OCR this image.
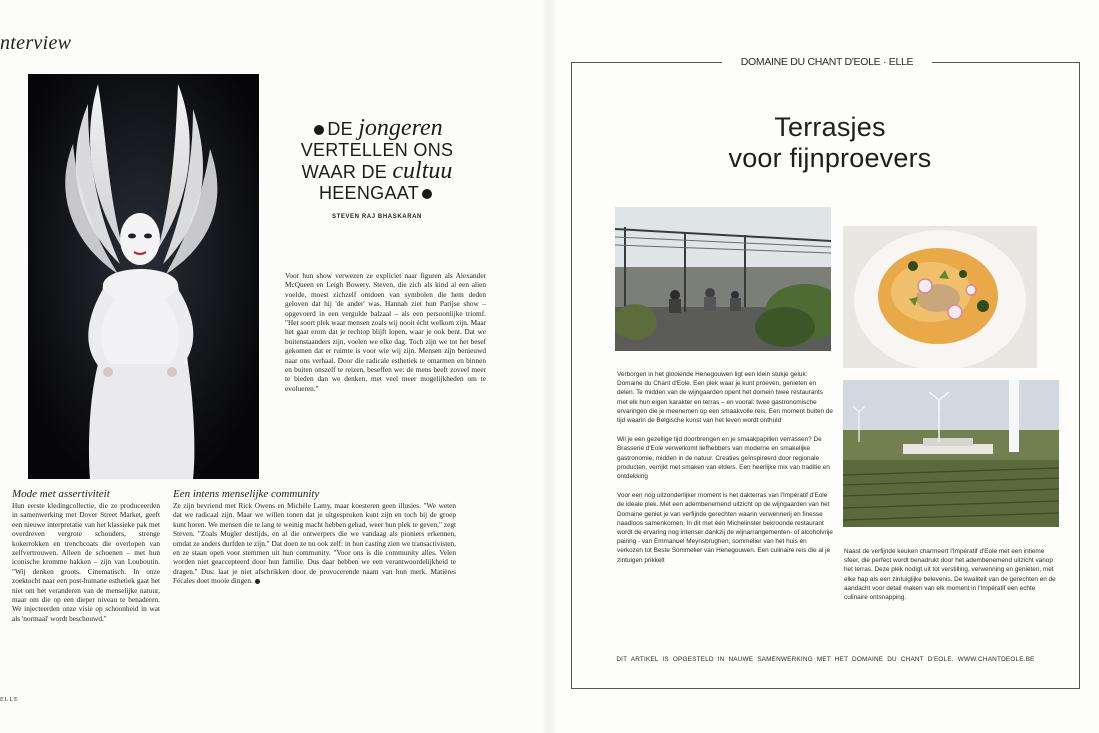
nterview
DE jongeren
VERTELLEN ONS
WAAR DE cultuu
HEENGAAT
STEVEN RAJ BHASKARAN

Voor hun show verwezen ze expliciet naar figuren als Alexander McQueen en Leigh Bowery. Steven, die zich als kind al een alien voelde, moest zichzelf ontdoen van symbolen die hem deden geloven dat hij 'de ander' was. Hannah ziet hun Parijse show – opgevoerd in een vergulde balzaal – als een persoonlijke triomf. "Het soort plek waar mensen zoals wij nooit écht welkom zijn. Maar het gaat erom dat je rechtop blijft lopen, waar je ook bent. Dat we buitenstaanders zijn, voelen we elke dag. Toch zijn we tot het besef gekomen dat er ruimte is voor wie wij zijn. Mensen zijn benieuwd naar ons verhaal. Door die radicale esthetiek te omarmen en binnen en buiten onszelf te reizen, beseffen we: de mens heeft zoveel meer te bieden dan we denken, met veel meer mogelijkheden om te evolueren."

Mode met assertiviteit

Hun eerste kledingcollectie, die ze produceerden in samenwerking met Dover Street Market, geeft een nieuwe interpretatie van het klassieke pak met overdreven vergrote schouders, strenge kokerrokken en trenchcoats die overlopen van zelfvertrouwen. Alleen de schoenen – met hun iconische kromme hakken – zijn van Louboutin. "Wij denken groots. Cinematisch. In onze zoektocht naar een post-humane esthetiek gaat het niet om het veranderen van de menselijke natuur, maar om die op een dieper niveau te benaderen. We injecteerden onze visie op schoonheid in wat als 'normaal' wordt beschouwd."

Een intens menselijke community

Ze zijn bevriend met Rick Owens en Michèle Lamy, maar koesteren geen illusies. "We weten dat we radicaal zijn. Maar we willen tonen dat je uitgesproken kunt zijn en toch bij de groep kunt horen. We mensen die te lang te weinig macht hebben gehad, weer hun plek te geven," zegt Steven. "Zoals Mugler destijds, en al die ontwerpers die we vandaag als pioniers erkennen, omdat ze anders durfden te zijn." Dat doen ze nu ook zelf: in hun casting zien we transactivisten, en ze staan open voor stemmen uit hun community. "Voor ons is die community alles. Velen worden niet geaccepteerd door hun familie. Dus daar hebben we een verantwoordelijkheid te dragen." Dus: laat je niet afschrikken door de provocerende naam van hun merk. Matières Fécales doet mooie dingen.

ELLE
DOMAINE DU CHANT D'EOLE · ELLE
Terrasjes
voor fijnproevers

Verborgen in het glooiende Henegouwen ligt een klein stukje geluk: Domaine du Chant d'Eole. Een plek waar je kunt proeven, genieten en delen. Te midden van de wijngaarden opent het domein twee restaurants met elk hun eigen karakter en terras – en vooral: twee gastronomische ervaringen die je meenemen op een smaakvolle reis. Een moment buiten de tijd waarin de Belgische kunst van het leven wordt onthuld

Wil je een gezellige tijd doorbrengen en je smaakpapillen verrassen? De Brasserie d'Eole verwelkomt liefhebbers van moderne en smakelijke gastronomie, midden in de natuur. Creaties geïnspireerd door regionale producten, verrijkt met smaken van elders. Een heerlijke mix van traditie en ontdekking

Voor een nóg uitzonderlijker moment is het dakterras van l'Impératif d'Eole de ideale plek. Met een adembenemend uitzicht op de wijngaarden van het Domaine geniet je van verfijnde gerechten waarin verwennerij en finesse naadloos samenkomen. In dit met één Michelinster bekroonde restaurant wordt de ervaring nog intenser dankzij de wijnarrangementen- of alcoholvrije pairing - van Emmanuel Meynsbrughen, sommelier van het huis én verkozen tot Beste Sommelier van Henegouwen. Een culinaire reis die al je zintuigen prikkelt

Naast de verfijnde keuken charmeert l'Impératif d'Eole met een intieme sfeer, die perfect wordt benadrukt door het adembenemend uitzicht vanop het terras. Deze plek nodigt uit tot verstilling, verwenning en genieten, met elke hap als een zintuiglijke belevenis. De kwaliteit van de gerechten en de aandacht voor detail maken van elk moment in l'Impératif een echte culinaire ontsnapping.

DIT ARTIKEL IS OPGESTELD IN NAUWE SAMENWERKING MET HET DOMAINE DU CHANT D'EOLE. WWW.CHANTDEOLE.BE
